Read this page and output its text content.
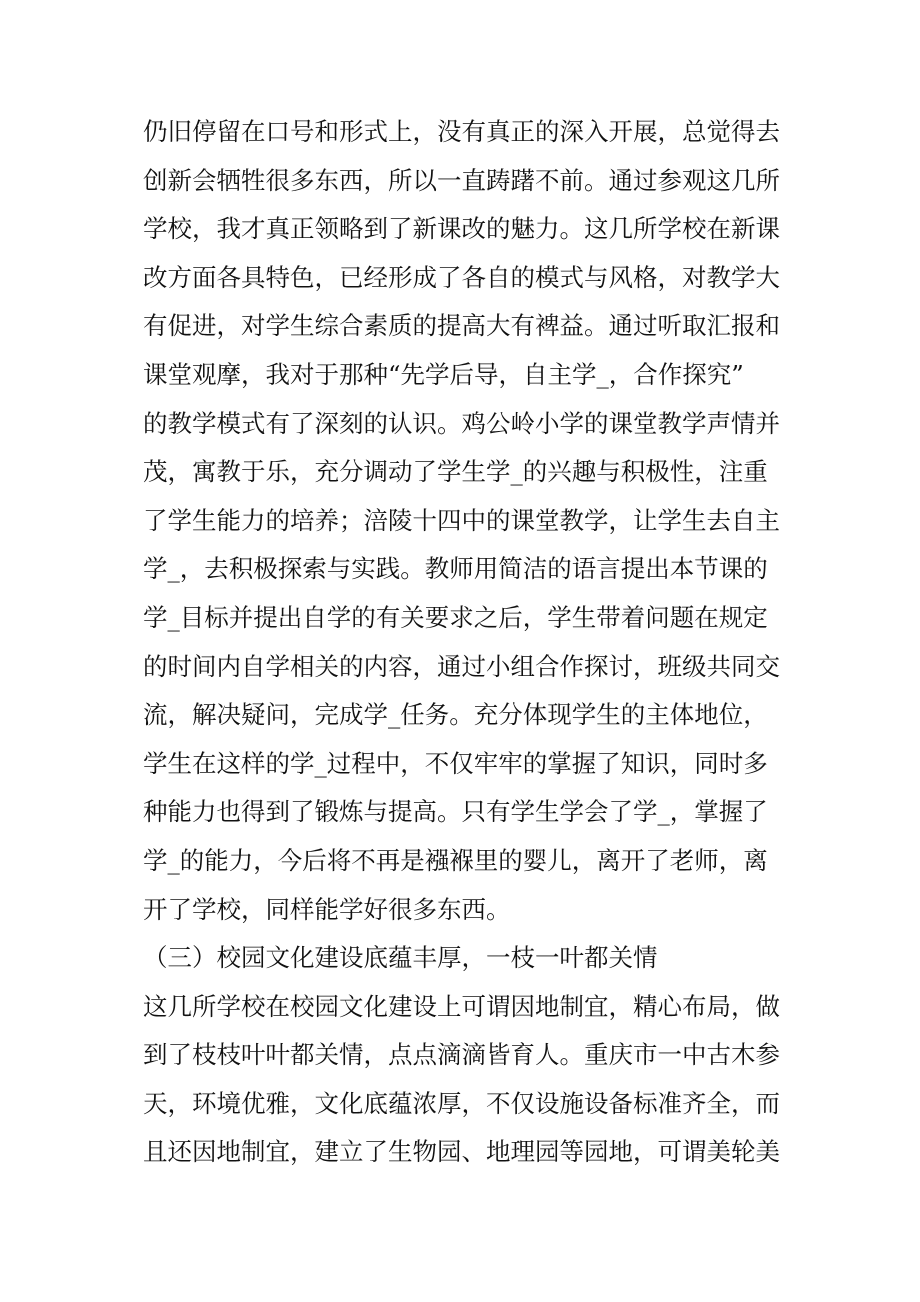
仍旧停留在口号和形式上，没有真正的深入开展，总觉得去
创新会牺牲很多东西，所以一直踌躇不前。通过参观这几所
学校，我才真正领略到了新课改的魅力。这几所学校在新课
改方面各具特色，已经形成了各自的模式与风格，对教学大
有促进，对学生综合素质的提高大有裨益。通过听取汇报和
课堂观摩，我对于那种“先学后导，自主学_，合作探究”
的教学模式有了深刻的认识。鸡公岭小学的课堂教学声情并
茂，寓教于乐，充分调动了学生学_的兴趣与积极性，注重
了学生能力的培养；涪陵十四中的课堂教学，让学生去自主
学_，去积极探索与实践。教师用简洁的语言提出本节课的
学_目标并提出自学的有关要求之后，学生带着问题在规定
的时间内自学相关的内容，通过小组合作探讨，班级共同交
流，解决疑问，完成学_任务。充分体现学生的主体地位，
学生在这样的学_过程中，不仅牢牢的掌握了知识，同时多
种能力也得到了锻炼与提高。只有学生学会了学_，掌握了
学_的能力，今后将不再是襁褓里的婴儿，离开了老师，离
开了学校，同样能学好很多东西。
（三）校园文化建设底蕴丰厚，一枝一叶都关情
这几所学校在校园文化建设上可谓因地制宜，精心布局，做
到了枝枝叶叶都关情，点点滴滴皆育人。重庆市一中古木参
天，环境优雅，文化底蕴浓厚，不仅设施设备标准齐全，而
且还因地制宜，建立了生物园、地理园等园地，可谓美轮美
